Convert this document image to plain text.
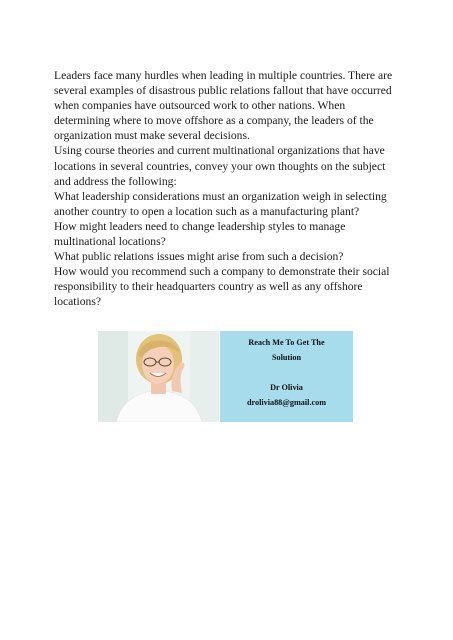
Leaders face many hurdles when leading in multiple countries. There are several examples of disastrous public relations fallout that have occurred when companies have outsourced work to other nations. When determining where to move offshore as a company, the leaders of the organization must make several decisions.

Using course theories and current multinational organizations that have locations in several countries, convey your own thoughts on the subject and address the following:

What leadership considerations must an organization weigh in selecting another country to open a location such as a manufacturing plant?

How might leaders need to change leadership styles to manage multinational locations?

What public relations issues might arise from such a decision?

How would you recommend such a company to demonstrate their social responsibility to their headquarters country as well as any offshore locations?

Reach Me To Get The
Solution
Dr Olivia
drolivia88@gmail.com
